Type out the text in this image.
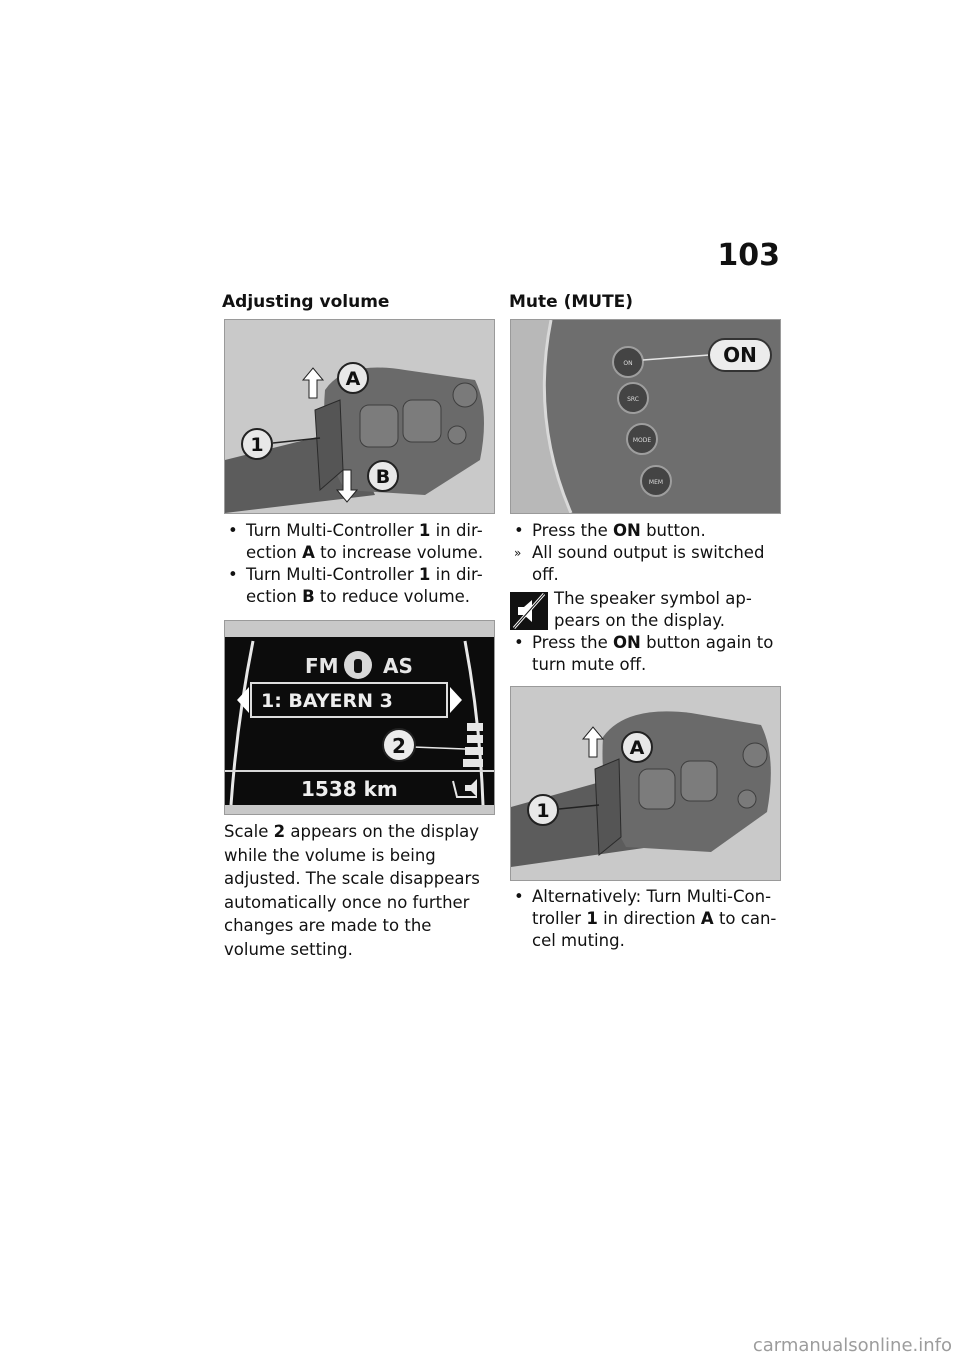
103
Adjusting volume
A
B
1
• Turn Multi-Controller 1 in dir-
ection A to increase volume.
• Turn Multi-Controller 1 in dir-
ection B to reduce volume.
FM AS
1: BAYERN 3
2
1538 km
Scale 2 appears on the display
while the volume is being
adjusted. The scale disappears
automatically once no further
changes are made to the
volume setting.
Mute (MUTE)
ON
SRC
MODE
MEM
ON
• Press the ON button.
» All sound output is switched
off.
The speaker symbol ap-
pears on the display.
• Press the ON button again to
turn mute off.
A
1
• Alternatively: Turn Multi-Con-
troller 1 in direction A to can-
cel muting.
carmanualsonline.info
